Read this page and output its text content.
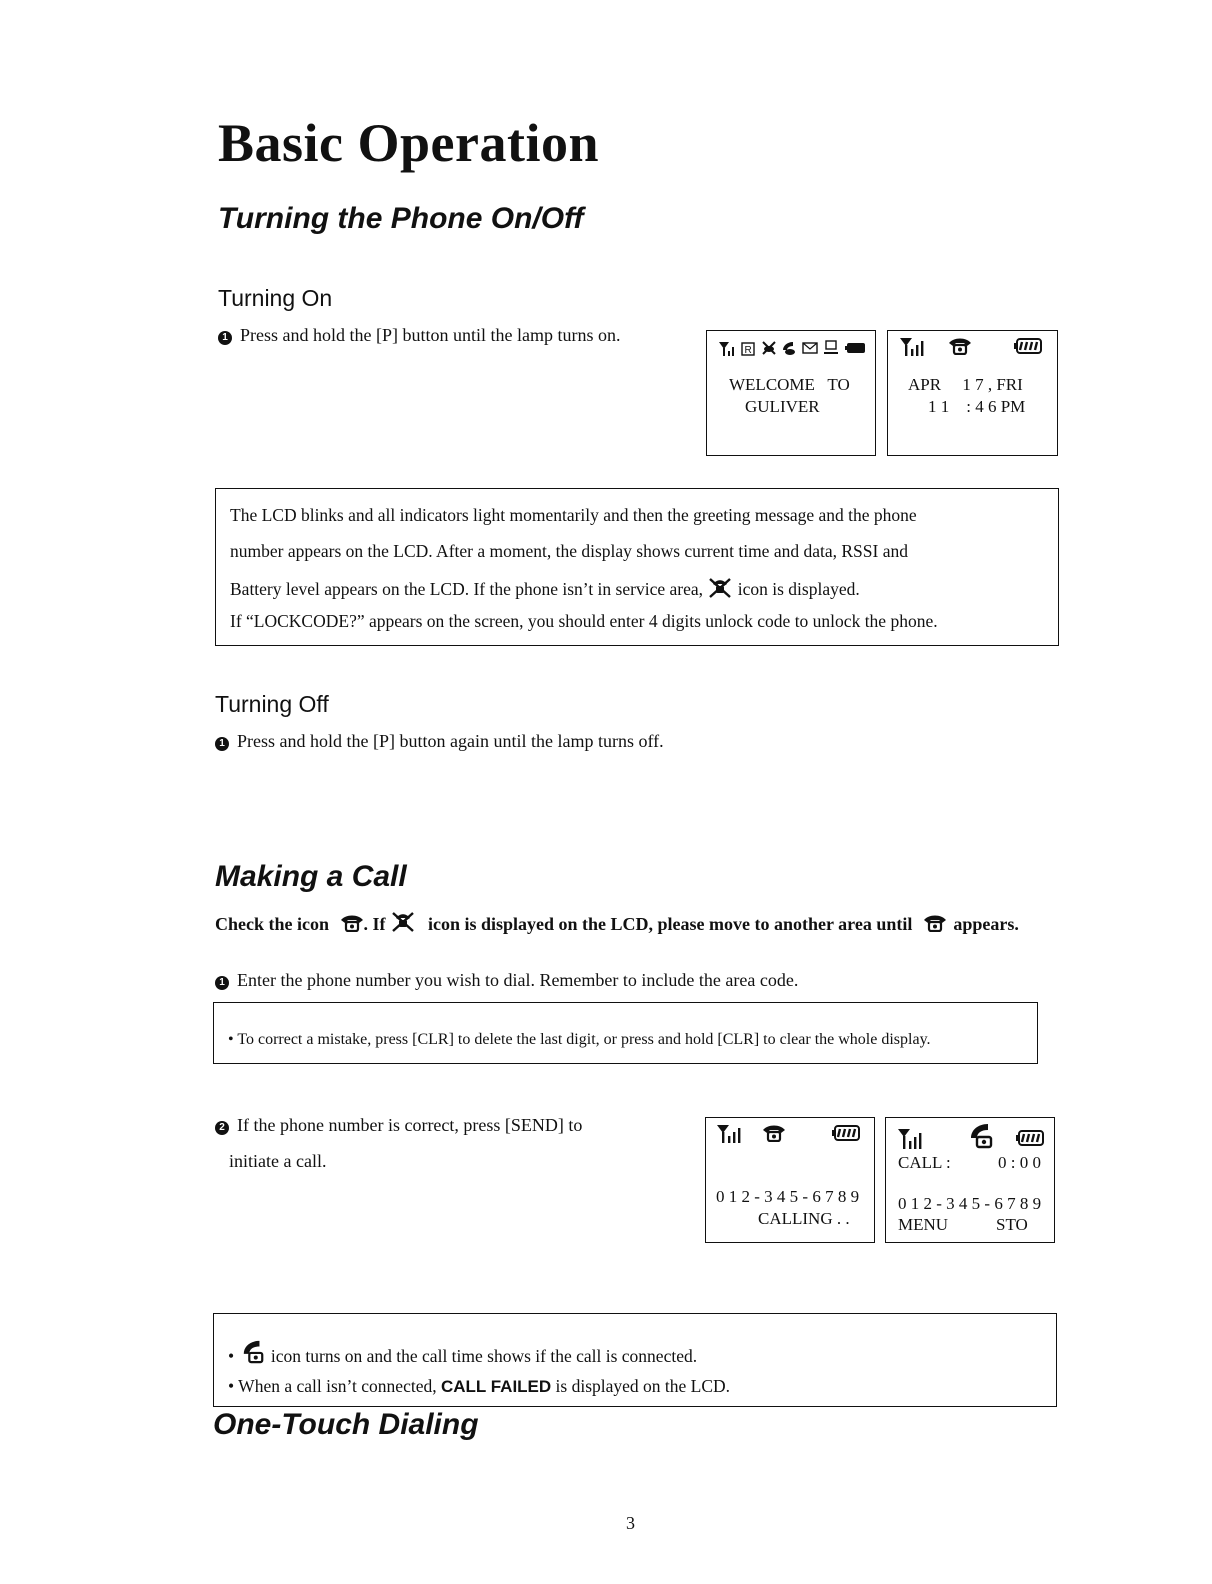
Basic Operation
Turning the Phone On/Off
Turning On
1 Press and hold the [P] button until the lamp turns on.
R
WELCOME   TO
GULIVER
APR     1 7 , FRI
1 1    : 4 6 PM
The LCD blinks and all indicators light momentarily and then the greeting message and the phone
number appears on the LCD. After a moment, the display shows current time and data, RSSI and
Battery level appears on the LCD. If the phone isn’t in service area, icon is displayed.
If “LOCKCODE?” appears on the screen, you should enter 4 digits unlock code to unlock the phone.
Turning Off
1 Press and hold the [P] button again until the lamp turns off.
Making a Call
Check the icon . If icon is displayed on the LCD, please move to another area until appears.
1 Enter the phone number you wish to dial. Remember to include the area code.
• To correct a mistake, press [CLR] to delete the last digit, or press and hold [CLR] to clear the whole display.
2 If the phone number is correct, press [SEND] to
initiate a call.
0 1 2 - 3 4 5 - 6 7 8 9
CALLING . .
CALL :	0 : 0 0
0 1 2 - 3 4 5 - 6 7 8 9
MENU	STO
• icon turns on and the call time shows if the call is connected.
• When a call isn’t connected, CALL FAILED is displayed on the LCD.
One-Touch Dialing
3
